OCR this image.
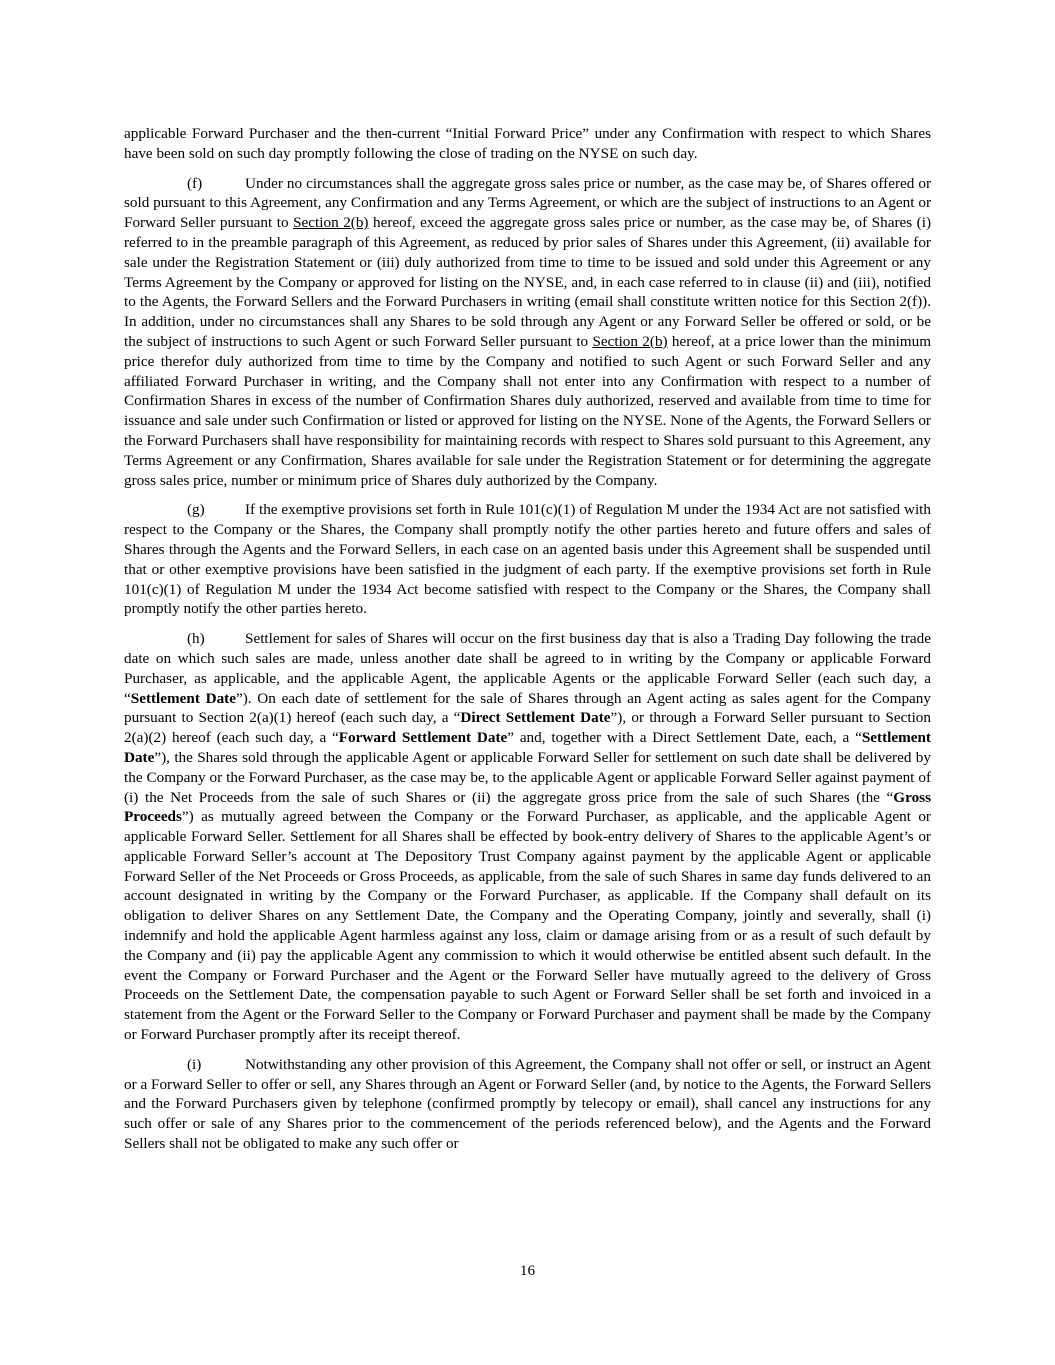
applicable Forward Purchaser and the then-current “Initial Forward Price” under any Confirmation with respect to which Shares have been sold on such day promptly following the close of trading on the NYSE on such day.

(f)	Under no circumstances shall the aggregate gross sales price or number, as the case may be, of Shares offered or sold pursuant to this Agreement, any Confirmation and any Terms Agreement, or which are the subject of instructions to an Agent or Forward Seller pursuant to Section 2(b) hereof, exceed the aggregate gross sales price or number, as the case may be, of Shares (i) referred to in the preamble paragraph of this Agreement, as reduced by prior sales of Shares under this Agreement, (ii) available for sale under the Registration Statement or (iii) duly authorized from time to time to be issued and sold under this Agreement or any Terms Agreement by the Company or approved for listing on the NYSE, and, in each case referred to in clause (ii) and (iii), notified to the Agents, the Forward Sellers and the Forward Purchasers in writing (email shall constitute written notice for this Section 2(f)). In addition, under no circumstances shall any Shares to be sold through any Agent or any Forward Seller be offered or sold, or be the subject of instructions to such Agent or such Forward Seller pursuant to Section 2(b) hereof, at a price lower than the minimum price therefor duly authorized from time to time by the Company and notified to such Agent or such Forward Seller and any affiliated Forward Purchaser in writing, and the Company shall not enter into any Confirmation with respect to a number of Confirmation Shares in excess of the number of Confirmation Shares duly authorized, reserved and available from time to time for issuance and sale under such Confirmation or listed or approved for listing on the NYSE. None of the Agents, the Forward Sellers or the Forward Purchasers shall have responsibility for maintaining records with respect to Shares sold pursuant to this Agreement, any Terms Agreement or any Confirmation, Shares available for sale under the Registration Statement or for determining the aggregate gross sales price, number or minimum price of Shares duly authorized by the Company.

(g)	If the exemptive provisions set forth in Rule 101(c)(1) of Regulation M under the 1934 Act are not satisfied with respect to the Company or the Shares, the Company shall promptly notify the other parties hereto and future offers and sales of Shares through the Agents and the Forward Sellers, in each case on an agented basis under this Agreement shall be suspended until that or other exemptive provisions have been satisfied in the judgment of each party. If the exemptive provisions set forth in Rule 101(c)(1) of Regulation M under the 1934 Act become satisfied with respect to the Company or the Shares, the Company shall promptly notify the other parties hereto.

(h)	Settlement for sales of Shares will occur on the first business day that is also a Trading Day following the trade date on which such sales are made, unless another date shall be agreed to in writing by the Company or applicable Forward Purchaser, as applicable, and the applicable Agent, the applicable Agents or the applicable Forward Seller (each such day, a “Settlement Date”). On each date of settlement for the sale of Shares through an Agent acting as sales agent for the Company pursuant to Section 2(a)(1) hereof (each such day, a “Direct Settlement Date”), or through a Forward Seller pursuant to Section 2(a)(2) hereof (each such day, a “Forward Settlement Date” and, together with a Direct Settlement Date, each, a “Settlement Date”), the Shares sold through the applicable Agent or applicable Forward Seller for settlement on such date shall be delivered by the Company or the Forward Purchaser, as the case may be, to the applicable Agent or applicable Forward Seller against payment of (i) the Net Proceeds from the sale of such Shares or (ii) the aggregate gross price from the sale of such Shares (the “Gross Proceeds”) as mutually agreed between the Company or the Forward Purchaser, as applicable, and the applicable Agent or applicable Forward Seller. Settlement for all Shares shall be effected by book-entry delivery of Shares to the applicable Agent’s or applicable Forward Seller’s account at The Depository Trust Company against payment by the applicable Agent or applicable Forward Seller of the Net Proceeds or Gross Proceeds, as applicable, from the sale of such Shares in same day funds delivered to an account designated in writing by the Company or the Forward Purchaser, as applicable. If the Company shall default on its obligation to deliver Shares on any Settlement Date, the Company and the Operating Company, jointly and severally, shall (i) indemnify and hold the applicable Agent harmless against any loss, claim or damage arising from or as a result of such default by the Company and (ii) pay the applicable Agent any commission to which it would otherwise be entitled absent such default. In the event the Company or Forward Purchaser and the Agent or the Forward Seller have mutually agreed to the delivery of Gross Proceeds on the Settlement Date, the compensation payable to such Agent or Forward Seller shall be set forth and invoiced in a statement from the Agent or the Forward Seller to the Company or Forward Purchaser and payment shall be made by the Company or Forward Purchaser promptly after its receipt thereof.

(i)	Notwithstanding any other provision of this Agreement, the Company shall not offer or sell, or instruct an Agent or a Forward Seller to offer or sell, any Shares through an Agent or Forward Seller (and, by notice to the Agents, the Forward Sellers and the Forward Purchasers given by telephone (confirmed promptly by telecopy or email), shall cancel any instructions for any such offer or sale of any Shares prior to the commencement of the periods referenced below), and the Agents and the Forward Sellers shall not be obligated to make any such offer or

16
